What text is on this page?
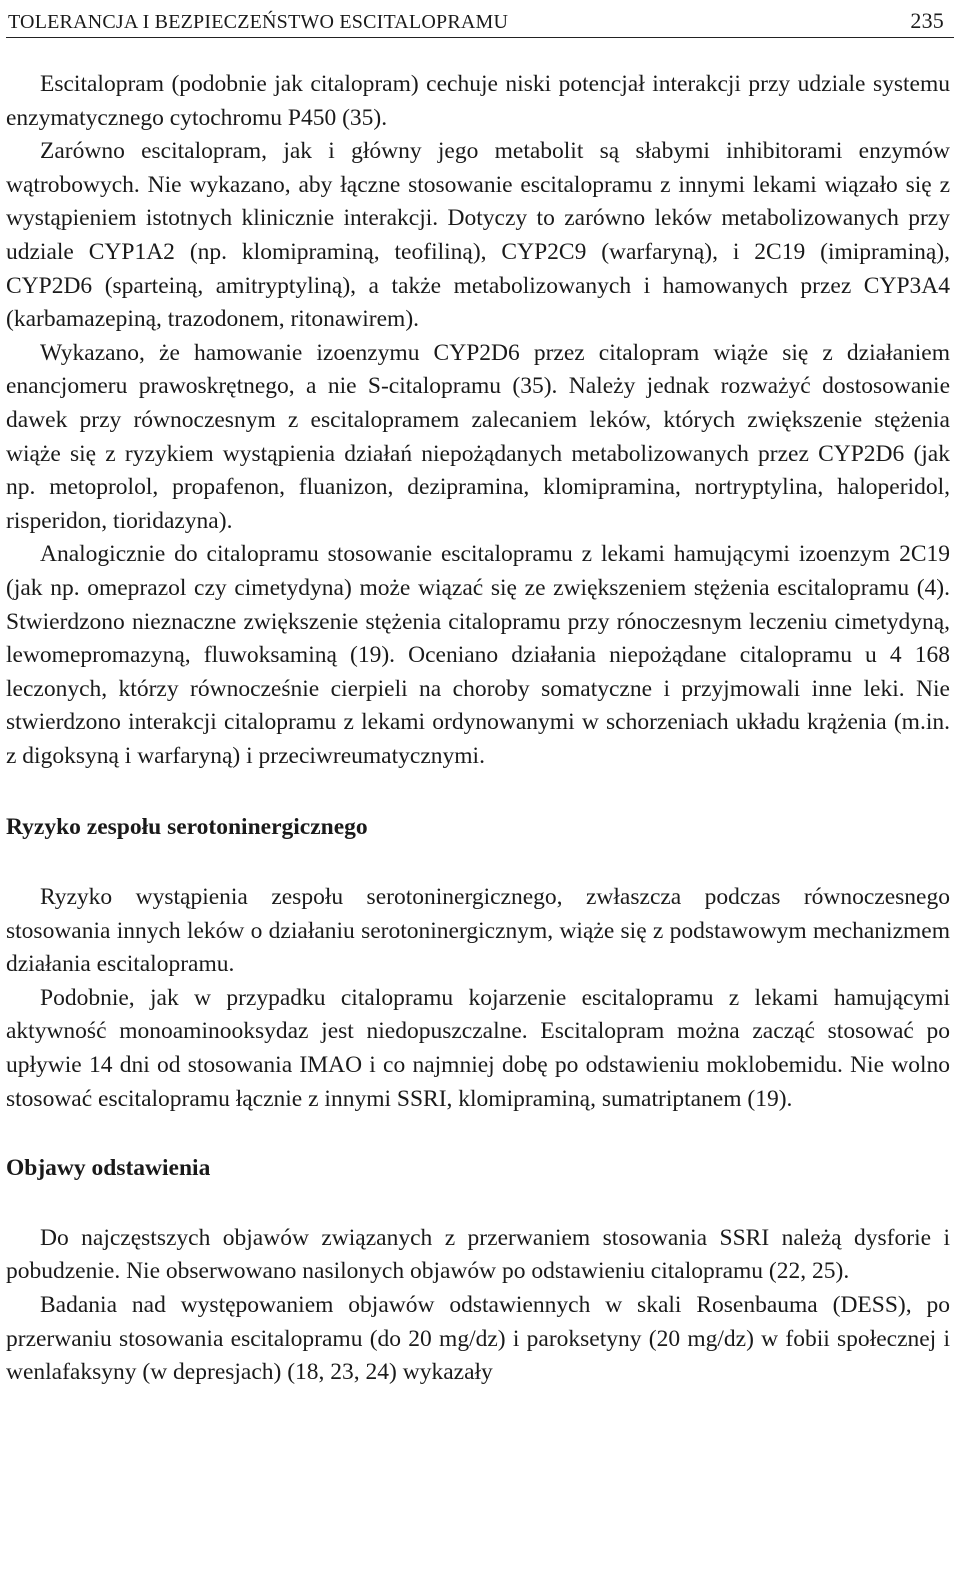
TOLERANCJA I BEZPIECZEŃSTWO ESCITALOPRAMU	235

Escitalopram (podobnie jak citalopram) cechuje niski potencjał interakcji przy udziale systemu enzymatycznego cytochromu P450 (35).

Zarówno escitalopram, jak i główny jego metabolit są słabymi inhibitorami enzymów wątrobowych. Nie wykazano, aby łączne stosowanie escitalopramu z innymi lekami wiązało się z wystąpieniem istotnych klinicznie interakcji. Dotyczy to zarówno leków metabolizowanych przy udziale CYP1A2 (np. klomipraminą, teofiliną), CYP2C9 (warfaryną), i 2C19 (imipraminą), CYP2D6 (sparteiną, amitryptyliną), a także metabolizowanych i hamowanych przez CYP3A4 (karbamazepiną, trazodonem, ritonawirem).

Wykazano, że hamowanie izoenzymu CYP2D6 przez citalopram wiąże się z działaniem enancjomeru prawoskrętnego, a nie S-citalopramu (35). Należy jednak rozważyć dostosowanie dawek przy równoczesnym z escitalopramem zalecaniem leków, których zwiększenie stężenia wiąże się z ryzykiem wystąpienia działań niepożądanych metabolizowanych przez CYP2D6 (jak np. metoprolol, propafenon, fluanizon, dezipramina, klomipramina, nortryptylina, haloperidol, risperidon, tioridazyna).

Analogicznie do citalopramu stosowanie escitalopramu z lekami hamującymi izoenzym 2C19 (jak np. omeprazol czy cimetydyna) może wiązać się ze zwiększeniem stężenia escitalopramu (4). Stwierdzono nieznaczne zwiększenie stężenia citalopramu przy rónoczesnym leczeniu cimetydyną, lewomepromazyną, fluwoksaminą (19). Oceniano działania niepożądane citalopramu u 4 168 leczonych, którzy równocześnie cierpieli na choroby somatyczne i przyjmowali inne leki. Nie stwierdzono interakcji citalopramu z lekami ordynowanymi w schorzeniach układu krążenia (m.in. z digoksyną i warfaryną) i przeciwreumatycznymi.

Ryzyko zespołu serotoninergicznego

Ryzyko wystąpienia zespołu serotoninergicznego, zwłaszcza podczas równoczesnego stosowania innych leków o działaniu serotoninergicznym, wiąże się z podstawowym mechanizmem działania escitalopramu.

Podobnie, jak w przypadku citalopramu kojarzenie escitalopramu z lekami hamującymi aktywność monoaminooksydaz jest niedopuszczalne. Escitalopram można zacząć stosować po upływie 14 dni od stosowania IMAO i co najmniej dobę po odstawieniu moklobemidu. Nie wolno stosować escitalopramu łącznie z innymi SSRI, klomipraminą, sumatriptanem (19).

Objawy odstawienia

Do najczęstszych objawów związanych z przerwaniem stosowania SSRI należą dysforie i pobudzenie. Nie obserwowano nasilonych objawów po odstawieniu citalopramu (22, 25).

Badania nad występowaniem objawów odstawiennych w skali Rosenbauma (DESS), po przerwaniu stosowania escitalopramu (do 20 mg/dz) i paroksetyny (20 mg/dz) w fobii społecznej i wenlafaksyny (w depresjach) (18, 23, 24) wykazały
